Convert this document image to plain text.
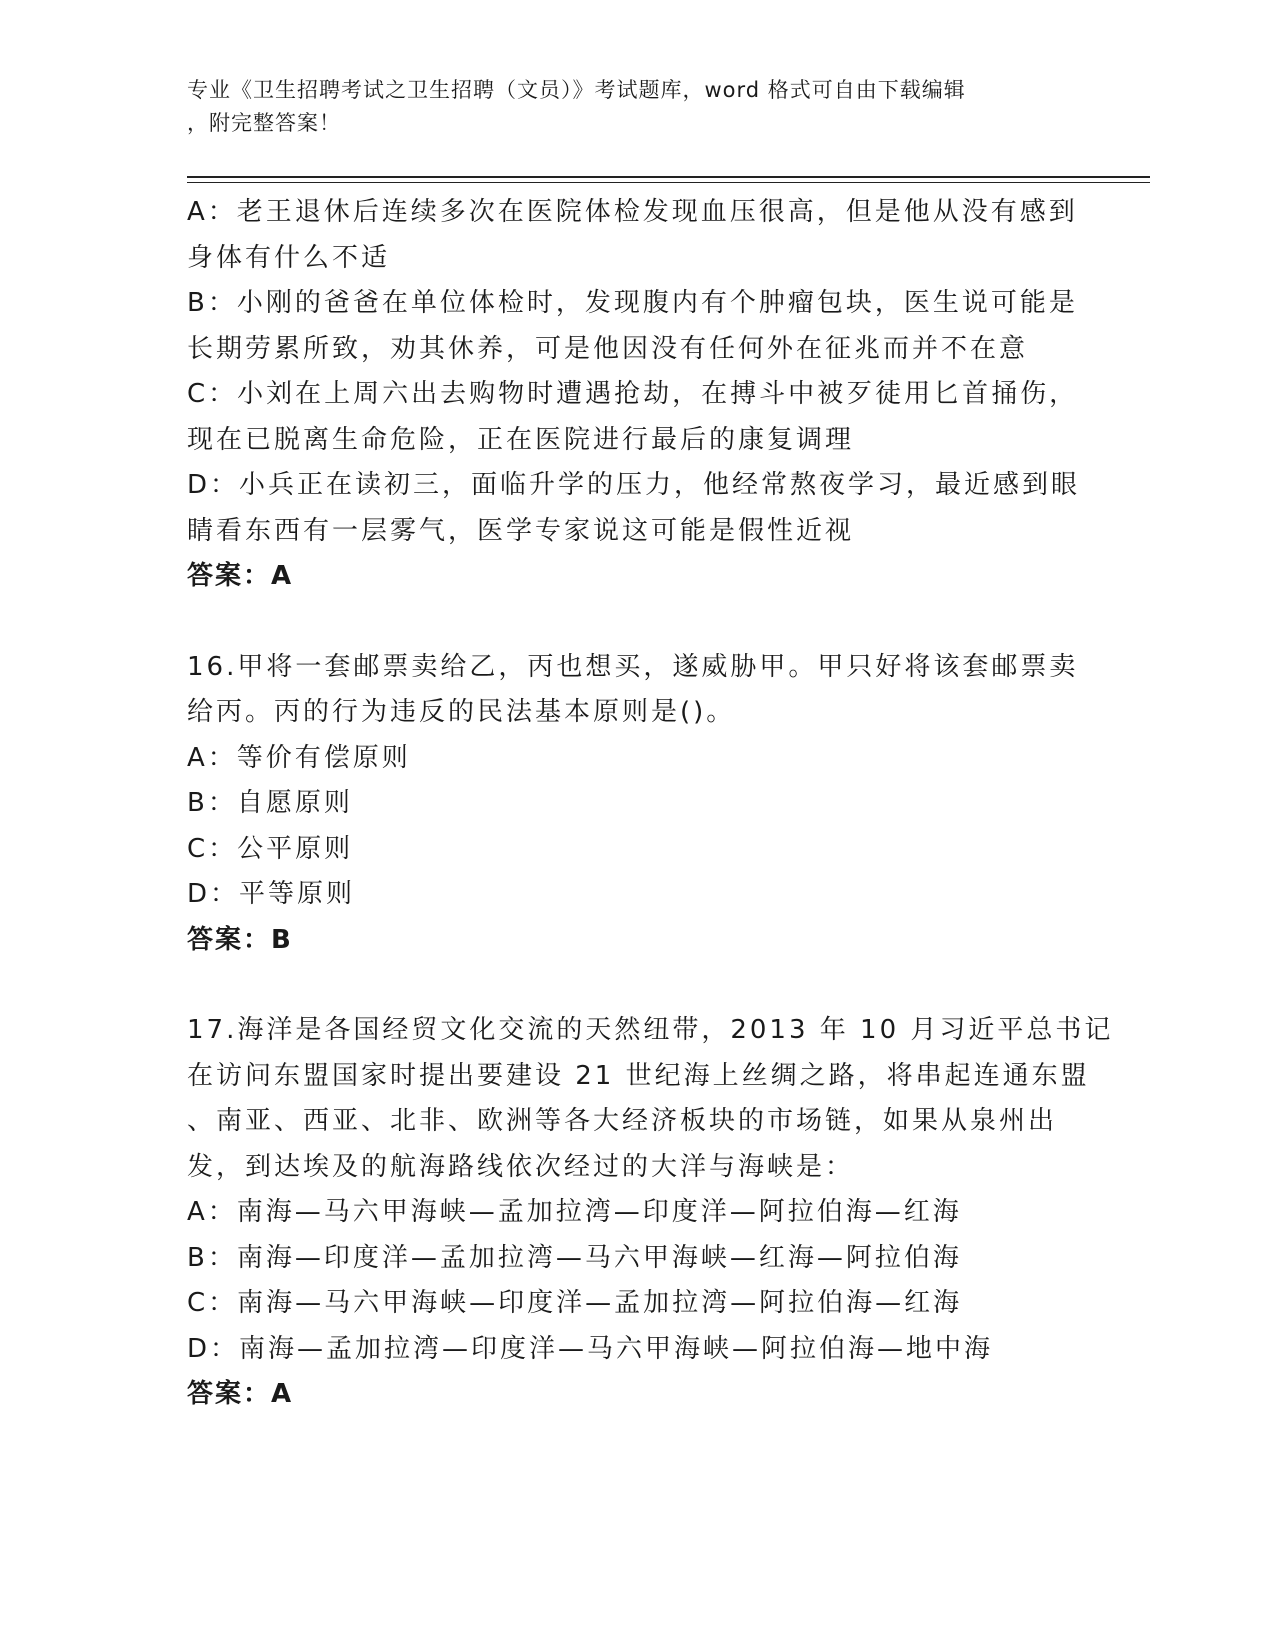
专业《卫生招聘考试之卫生招聘（文员）》考试题库，word 格式可自由下载编辑
，附完整答案！
A：老王退休后连续多次在医院体检发现血压很高，但是他从没有感到
身体有什么不适
B：小刚的爸爸在单位体检时，发现腹内有个肿瘤包块，医生说可能是
长期劳累所致，劝其休养，可是他因没有任何外在征兆而并不在意
C：小刘在上周六出去购物时遭遇抢劫，在搏斗中被歹徒用匕首捅伤，
现在已脱离生命危险，正在医院进行最后的康复调理
D：小兵正在读初三，面临升学的压力，他经常熬夜学习，最近感到眼
睛看东西有一层雾气，医学专家说这可能是假性近视
答案：A
16.甲将一套邮票卖给乙，丙也想买，遂威胁甲。甲只好将该套邮票卖
给丙。丙的行为违反的民法基本原则是()。
A：等价有偿原则
B：自愿原则
C：公平原则
D：平等原则
答案：B
17.海洋是各国经贸文化交流的天然纽带，2013 年 10 月习近平总书记
在访问东盟国家时提出要建设 21 世纪海上丝绸之路，将串起连通东盟
、南亚、西亚、北非、欧洲等各大经济板块的市场链，如果从泉州出
发，到达埃及的航海路线依次经过的大洋与海峡是：
A：南海—马六甲海峡—孟加拉湾—印度洋—阿拉伯海—红海
B：南海—印度洋—孟加拉湾—马六甲海峡—红海—阿拉伯海
C：南海—马六甲海峡—印度洋—孟加拉湾—阿拉伯海—红海
D：南海—孟加拉湾—印度洋—马六甲海峡—阿拉伯海—地中海
答案：A
